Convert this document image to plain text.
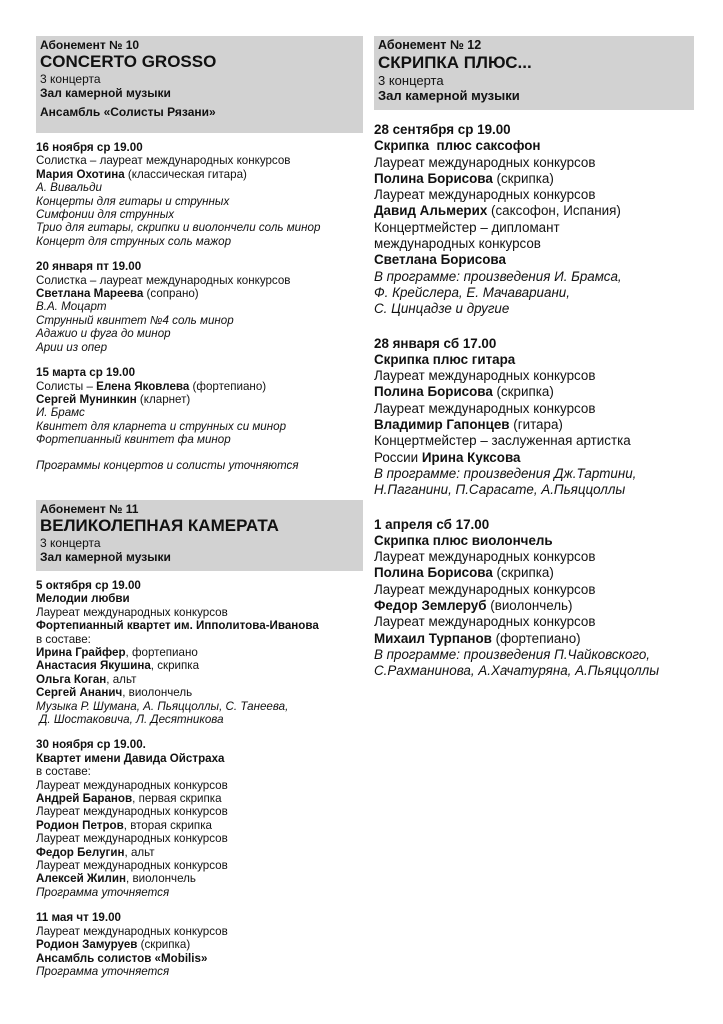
Абонемент № 10
CONCERTO GROSSO
3 концерта
Зал камерной музыки
Ансамбль «Солисты Рязани»
16 ноября ср 19.00
Солистка – лауреат международных конкурсов
Мария Охотина (классическая гитара)
А. Вивальди
Концерты для гитары и струнных
Симфонии для струнных
Трио для гитары, скрипки и виолончели соль минор
Концерт для струнных соль мажор
20 января пт 19.00
Солистка – лауреат международных конкурсов
Светлана Мареева (сопрано)
В.А. Моцарт
Струнный квинтет №4 соль минор
Адажио и фуга до минор
Арии из опер
15 марта ср 19.00
Солисты – Елена Яковлева (фортепиано)
Сергей Мунинкин (кларнет)
И. Брамс
Квинтет для кларнета и струнных си минор
Фортепианный квинтет фа минор
Программы концертов и солисты уточняются
Абонемент № 11
ВЕЛИКОЛЕПНАЯ КАМЕРАТА
3 концерта
Зал камерной музыки
5 октября ср 19.00
Мелодии любви
Лауреат международных конкурсов
Фортепианный квартет им. Ипполитова-Иванова
в составе:
Ирина Грайфер, фортепиано
Анастасия Якушина, скрипка
Ольга Коган, альт
Сергей Ананич, виолончель
Музыка Р. Шумана, А. Пьяццоллы, С. Танеева,
Д. Шостаковича, Л. Десятникова
30 ноября ср 19.00.
Квартет имени Давида Ойстраха
в составе:
Лауреат международных конкурсов
Андрей Баранов, первая скрипка
Лауреат международных конкурсов
Родион Петров, вторая скрипка
Лауреат международных конкурсов
Федор Белугин, альт
Лауреат международных конкурсов
Алексей Жилин, виолончель
Программа уточняется
11 мая чт 19.00
Лауреат международных конкурсов
Родион Замуруев (скрипка)
Ансамбль солистов «Mobilis»
Программа уточняется
Абонемент № 12
СКРИПКА ПЛЮС...
3 концерта
Зал камерной музыки
28 сентября ср 19.00
Скрипка  плюс саксофон
Лауреат международных конкурсов
Полина Борисова (скрипка)
Лауреат международных конкурсов
Давид Альмерих (саксофон, Испания)
Концертмейстер – дипломант
международных конкурсов
Светлана Борисова
В программе: произведения И. Брамса,
Ф. Крейслера, Е. Мачавариани,
С. Цинцадзе и другие
28 января сб 17.00
Скрипка плюс гитара
Лауреат международных конкурсов
Полина Борисова (скрипка)
Лауреат международных конкурсов
Владимир Гапонцев (гитара)
Концертмейстер – заслуженная артистка
России Ирина Куксова
В программе: произведения Дж.Тартини,
Н.Паганини, П.Сарасате, А.Пьяццоллы
1 апреля сб 17.00
Скрипка плюс виолончель
Лауреат международных конкурсов
Полина Борисова (скрипка)
Лауреат международных конкурсов
Федор Землеруб (виолончель)
Лауреат международных конкурсов
Михаил Турпанов (фортепиано)
В программе: произведения П.Чайковского,
С.Рахманинова, А.Хачатуряна, А.Пьяццоллы
